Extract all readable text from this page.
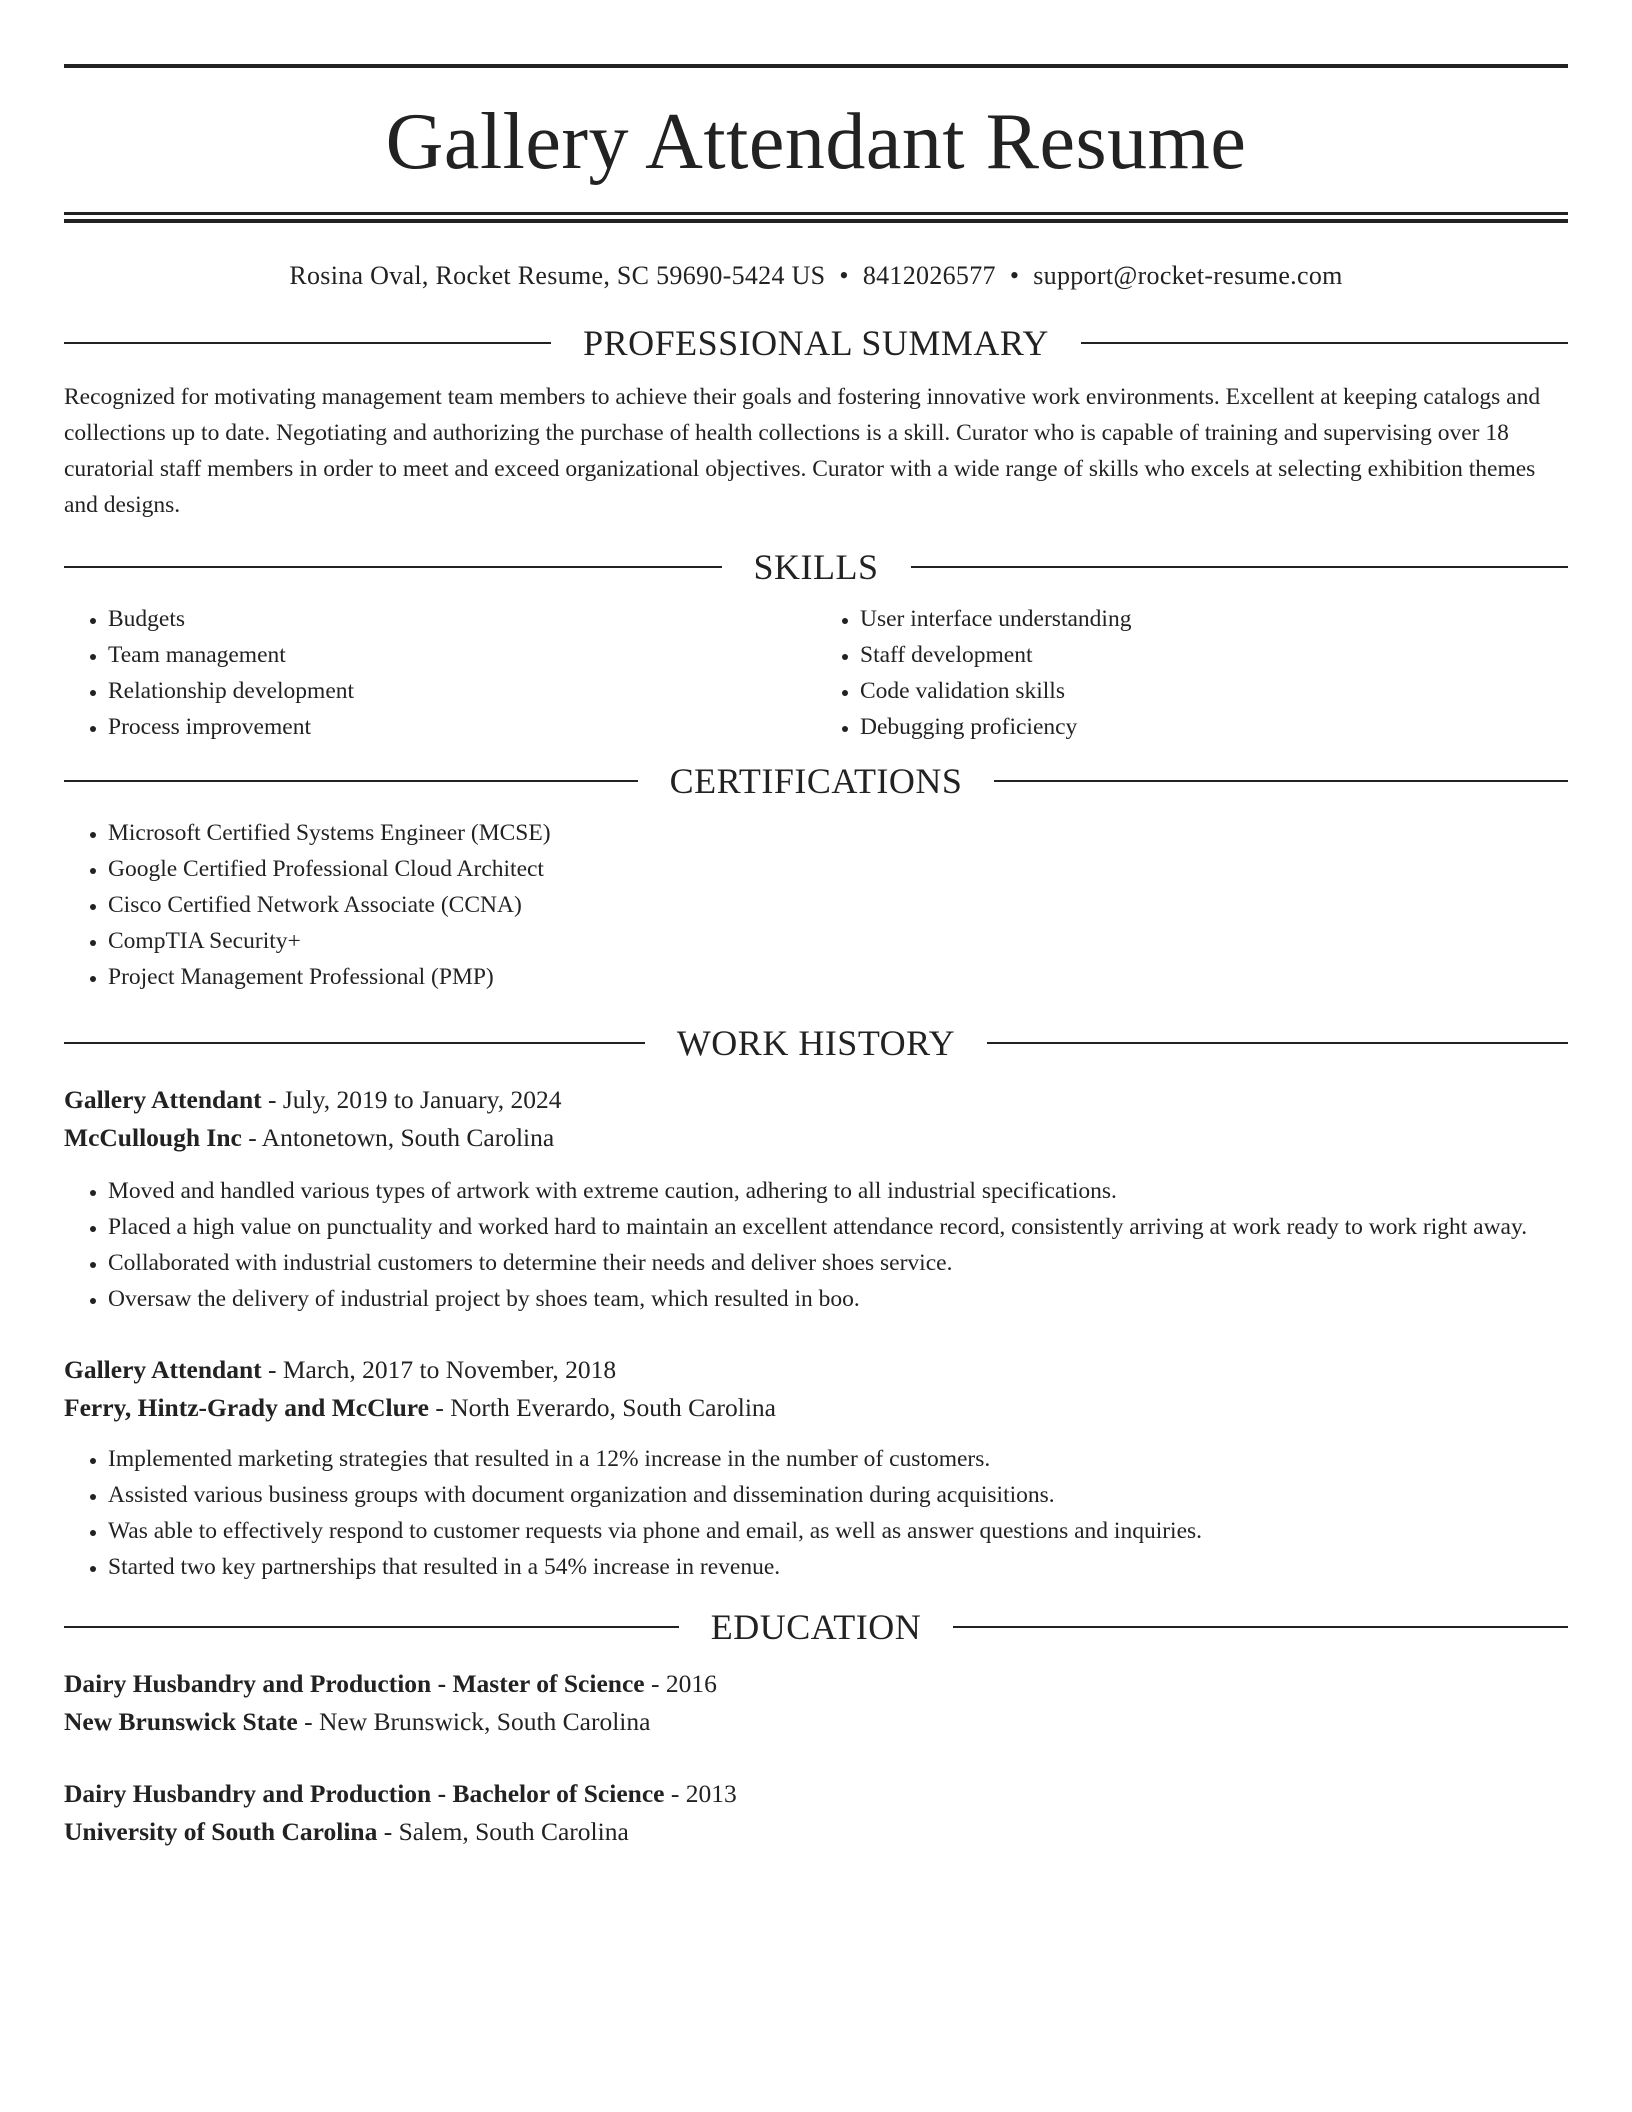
Gallery Attendant Resume
Rosina Oval, Rocket Resume, SC 59690-5424 US • 8412026577 • support@rocket-resume.com
PROFESSIONAL SUMMARY

Recognized for motivating management team members to achieve their goals and fostering innovative work environments. Excellent at keeping catalogs and collections up to date. Negotiating and authorizing the purchase of health collections is a skill. Curator who is capable of training and supervising over 18 curatorial staff members in order to meet and exceed organizational objectives. Curator with a wide range of skills who excels at selecting exhibition themes and designs.

SKILLS
• Budgets
• Team management
• Relationship development
• Process improvement
• User interface understanding
• Staff development
• Code validation skills
• Debugging proficiency
CERTIFICATIONS
• Microsoft Certified Systems Engineer (MCSE)
• Google Certified Professional Cloud Architect
• Cisco Certified Network Associate (CCNA)
• CompTIA Security+
• Project Management Professional (PMP)
WORK HISTORY
Gallery Attendant - July, 2019 to January, 2024
McCullough Inc - Antonetown, South Carolina
• Moved and handled various types of artwork with extreme caution, adhering to all industrial specifications.
• Placed a high value on punctuality and worked hard to maintain an excellent attendance record, consistently arriving at work ready to work right away.
• Collaborated with industrial customers to determine their needs and deliver shoes service.
• Oversaw the delivery of industrial project by shoes team, which resulted in boo.
Gallery Attendant - March, 2017 to November, 2018
Ferry, Hintz-Grady and McClure - North Everardo, South Carolina
• Implemented marketing strategies that resulted in a 12% increase in the number of customers.
• Assisted various business groups with document organization and dissemination during acquisitions.
• Was able to effectively respond to customer requests via phone and email, as well as answer questions and inquiries.
• Started two key partnerships that resulted in a 54% increase in revenue.
EDUCATION
Dairy Husbandry and Production - Master of Science - 2016
New Brunswick State - New Brunswick, South Carolina
Dairy Husbandry and Production - Bachelor of Science - 2013
University of South Carolina - Salem, South Carolina
